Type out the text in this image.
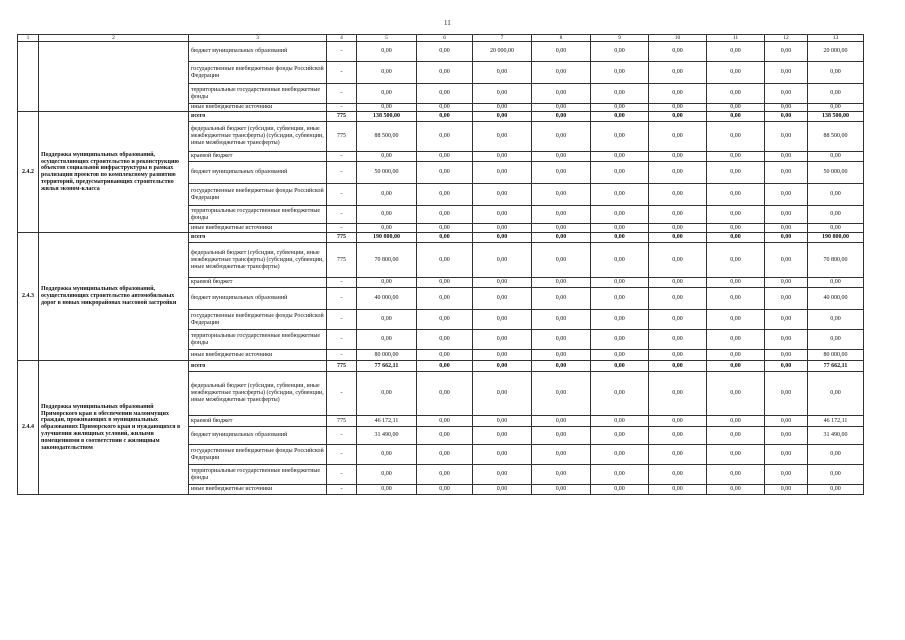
11
1	2	3	4	5	6	7	8	9	10	11	12	13
		бюджет муниципальных образований	-	0,00	0,00	20 000,00	0,00	0,00	0,00	0,00	0,00	20 000,00
		государственные внебюджетные фонды Российской Федерации	-	0,00	0,00	0,00	0,00	0,00	0,00	0,00	0,00	0,00
		территориальные государственные внебюджетные фонды	-	0,00	0,00	0,00	0,00	0,00	0,00	0,00	0,00	0,00
		иные внебюджетные источники	-	0,00	0,00	0,00	0,00	0,00	0,00	0,00	0,00	0,00
2.4.2	Поддержка муниципальных образований, осуществляющих строительство и реконструкцию объектов социальной инфраструктуры в рамках реализации проектов по комплексному развитию территорий, предусматривающих строительство жилья эконом-класса	всего	775	138 500,00	0,00	0,00	0,00	0,00	0,00	0,00	0,00	138 500,00
		федеральный бюджет (субсидии, субвенции, иные межбюджетные трансферты) (субсидии, субвенции, иные межбюджетные трансферты)	775	88 500,00	0,00	0,00	0,00	0,00	0,00	0,00	0,00	88 500,00
		краевой бюджет	-	0,00	0,00	0,00	0,00	0,00	0,00	0,00	0,00	0,00
		бюджет муниципальных образований	-	50 000,00	0,00	0,00	0,00	0,00	0,00	0,00	0,00	50 000,00
		государственные внебюджетные фонды Российской Федерации	-	0,00	0,00	0,00	0,00	0,00	0,00	0,00	0,00	0,00
		территориальные государственные внебюджетные фонды	-	0,00	0,00	0,00	0,00	0,00	0,00	0,00	0,00	0,00
		иные внебюджетные источники	-	0,00	0,00	0,00	0,00	0,00	0,00	0,00	0,00	0,00
2.4.3	Поддержка муниципальных образований, осуществляющих строительство автомобильных дорог в новых микрорайонах массовой застройки	всего	775	190 800,00	0,00	0,00	0,00	0,00	0,00	0,00	0,00	190 800,00
		федеральный бюджет (субсидии, субвенции, иные межбюджетные трансферты) (субсидии, субвенции, иные межбюджетные трансферты)	775	70 800,00	0,00	0,00	0,00	0,00	0,00	0,00	0,00	70 800,00
		краевой бюджет	-	0,00	0,00	0,00	0,00	0,00	0,00	0,00	0,00	0,00
		бюджет муниципальных образований	-	40 000,00	0,00	0,00	0,00	0,00	0,00	0,00	0,00	40 000,00
		государственные внебюджетные фонды Российской Федерации	-	0,00	0,00	0,00	0,00	0,00	0,00	0,00	0,00	0,00
		территориальные государственные внебюджетные фонды	-	0,00	0,00	0,00	0,00	0,00	0,00	0,00	0,00	0,00
		иные внебюджетные источники	-	80 000,00	0,00	0,00	0,00	0,00	0,00	0,00	0,00	80 000,00
2.4.4	Поддержка муниципальных образований Приморского края в обеспечении малоимущих граждан, проживающих в муниципальных образованиях Приморского края и нуждающихся в улучшении жилищных условий, жилыми помещениями в соответствии с жилищным законодательством	всего	775	77 662,11	0,00	0,00	0,00	0,00	0,00	0,00	0,00	77 662,11
		федеральный бюджет (субсидии, субвенции, иные межбюджетные трансферты) (субсидии, субвенции, иные межбюджетные трансферты)	-	0,00	0,00	0,00	0,00	0,00	0,00	0,00	0,00	0,00
		краевой бюджет	775	46 172,11	0,00	0,00	0,00	0,00	0,00	0,00	0,00	46 172,11
		бюджет муниципальных образований	-	31 490,00	0,00	0,00	0,00	0,00	0,00	0,00	0,00	31 490,00
		государственные внебюджетные фонды Российской Федерации	-	0,00	0,00	0,00	0,00	0,00	0,00	0,00	0,00	0,00
		территориальные государственные внебюджетные фонды	-	0,00	0,00	0,00	0,00	0,00	0,00	0,00	0,00	0,00
		иные внебюджетные источники	-	0,00	0,00	0,00	0,00	0,00	0,00	0,00	0,00	0,00
